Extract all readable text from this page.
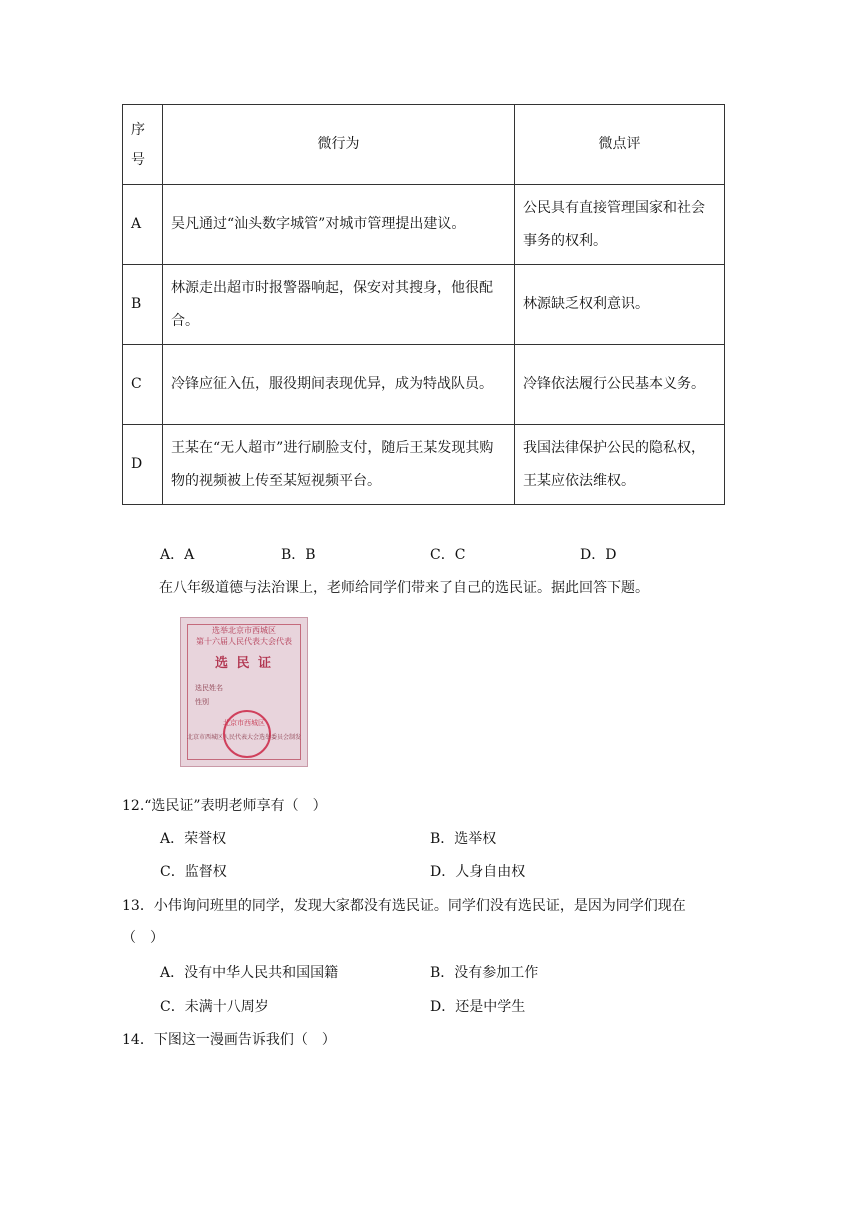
序
号	微行为	微点评
A	吴凡通过“汕头数字城管”对城市管理提出建议。	公民具有直接管理国家和社会事务的权利。
B	林源走出超市时报警器响起，保安对其搜身，他很配合。	林源缺乏权利意识。
C	冷锋应征入伍，服役期间表现优异，成为特战队员。	冷锋依法履行公民基本义务。
D	王某在“无人超市”进行刷脸支付，随后王某发现其购物的视频被上传至某短视频平台。	我国法律保护公民的隐私权，王某应依法维权。
A．A	B．B	C．C	D．D
在八年级道德与法治课上，老师给同学们带来了自己的选民证。据此回答下题。
选举北京市西城区
第十六届人民代表大会代表
选 民 证
选民姓名
性别
北京市西城区
北京市西城区人民代表大会选举委员会制发
12.“选民证”表明老师享有（　）
A．荣誉权	B．选举权
C．监督权	D．人身自由权
13．小伟询问班里的同学，发现大家都没有选民证。同学们没有选民证，是因为同学们现在
（　）
A．没有中华人民共和国国籍	B．没有参加工作
C．未满十八周岁	D．还是中学生
14．下图这一漫画告诉我们（　）
